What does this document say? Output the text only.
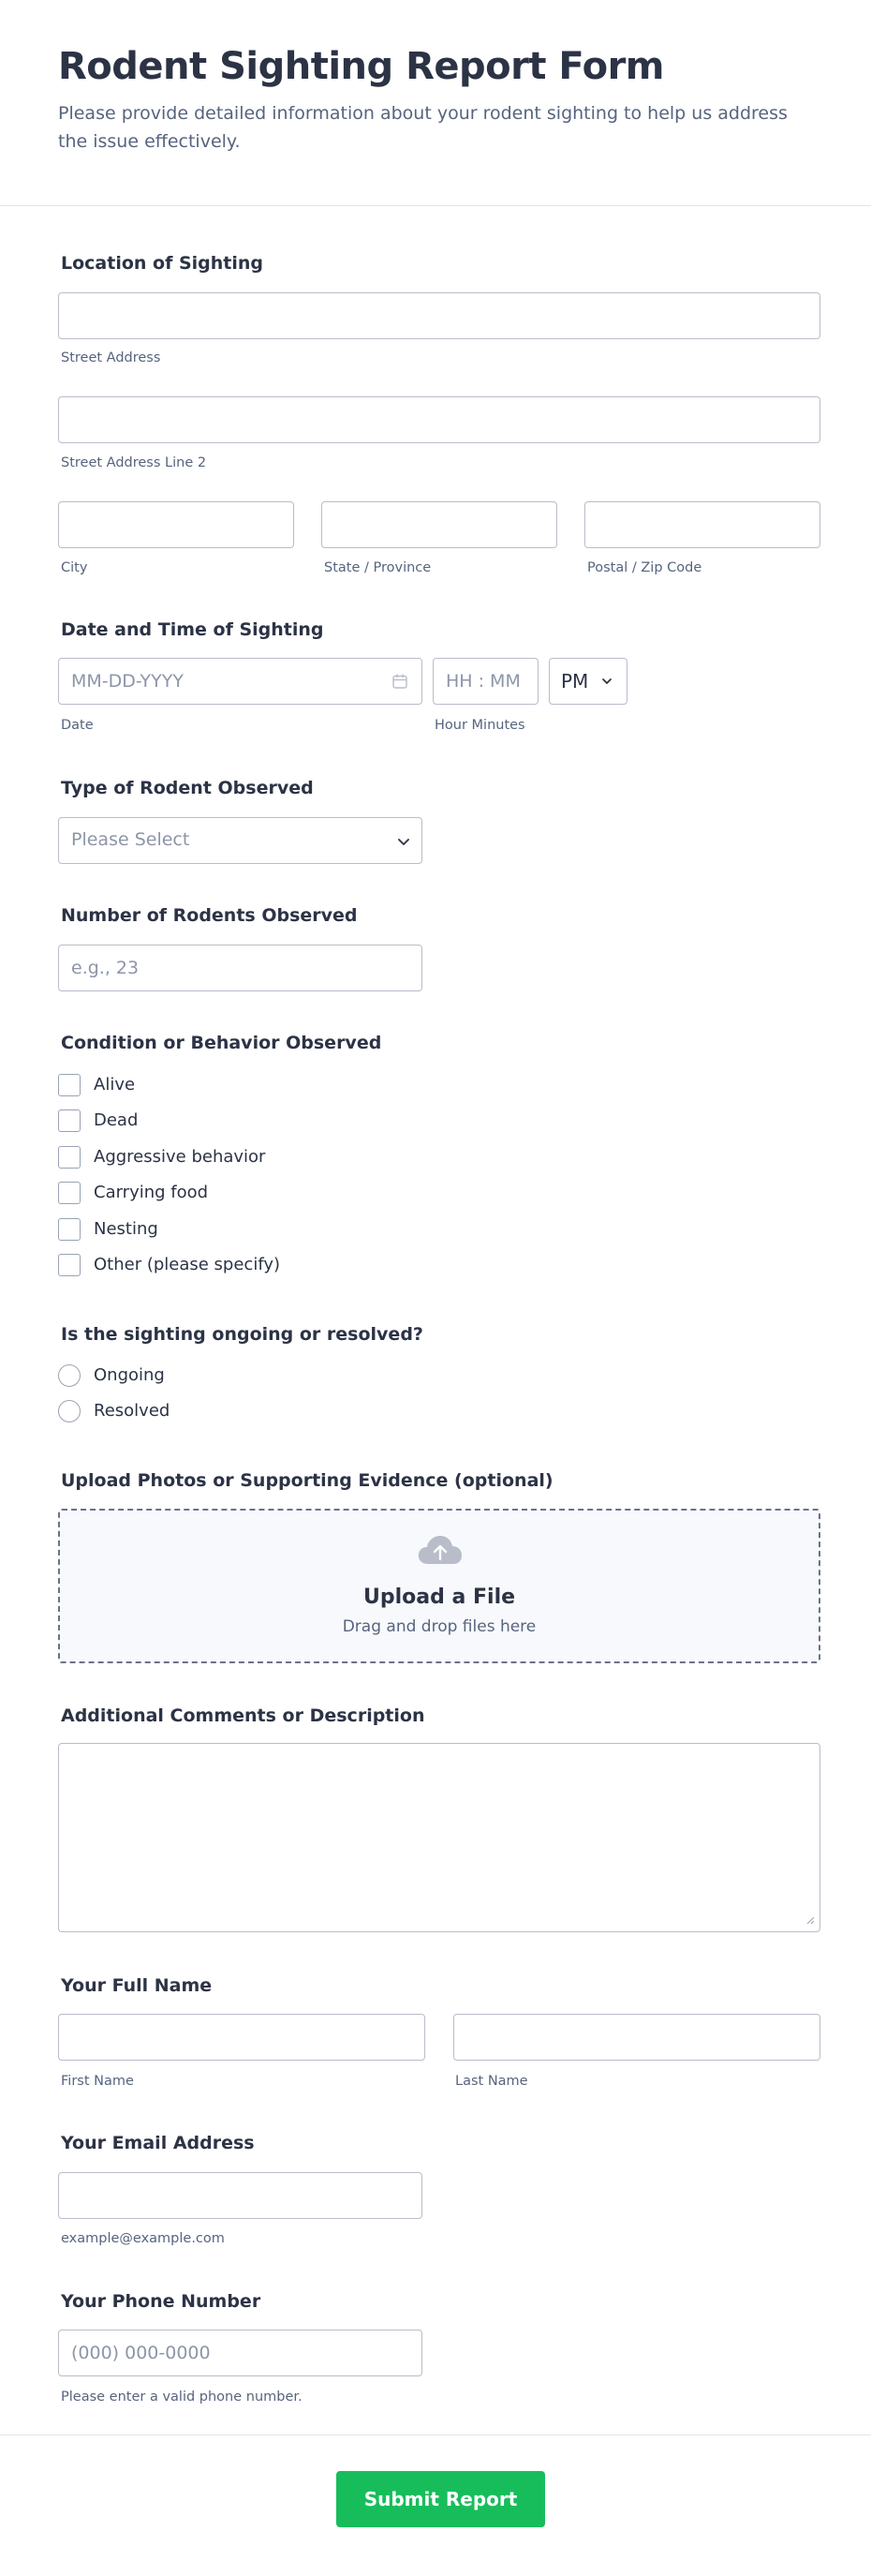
Rodent Sighting Report Form

Please provide detailed information about your rodent sighting to help us address the issue effectively.

Location of Sighting
Street Address
Street Address Line 2
City	State / Province	Postal / Zip Code
Date and Time of Sighting
MM-DD-YYYY
Date
HH : MM	Hour Minutes
PM
Type of Rodent Observed
Please Select
Number of Rodents Observed
e.g., 23
Condition or Behavior Observed
Alive
Dead
Aggressive behavior
Carrying food
Nesting
Other (please specify)
Is the sighting ongoing or resolved?
Ongoing
Resolved
Upload Photos or Supporting Evidence (optional)
Upload a File
Drag and drop files here
Additional Comments or Description
Your Full Name
First Name	Last Name
Your Email Address
example@example.com
Your Phone Number
(000) 000-0000
Please enter a valid phone number.
Submit Report
